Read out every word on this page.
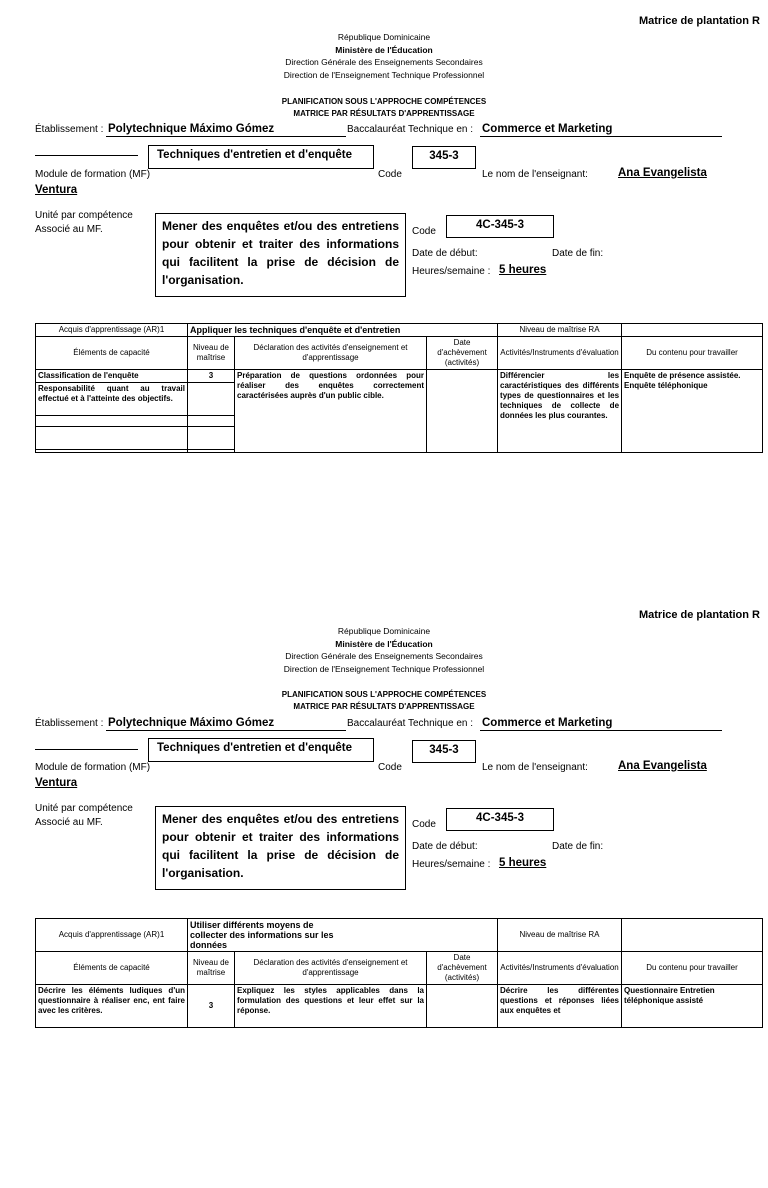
Matrice de plantation R
République Dominicaine
Ministère de l'Éducation
Direction Générale des Enseignements Secondaires
Direction de l'Enseignement Technique Professionnel
PLANIFICATION SOUS L'APPROCHE COMPÉTENCES
MATRICE PAR RÉSULTATS D'APPRENTISSAGE
Établissement : Polytechnique Máximo Gómez	Baccalauréat Technique en : Commerce et Marketing
Techniques d'entretien et d'enquête	345-3
Module de formation (MF)	Code	Le nom de l'enseignant:	Ana Evangelista
Ventura
Unité par compétence
Associé au MF.	Mener des enquêtes et/ou des entretiens pour obtenir et traiter des informations qui facilitent la prise de décision de l'organisation.
Code
4C-345-3
Date de début:	Date de fin:
Heures/semaine : 5 heures
Acquis d'apprentissage (AR)1	Appliquer les techniques d'enquête et d'entretien			Niveau de maîtrise RA	
Éléments de capacité	Niveau de maîtrise	Déclaration des activités d'enseignement et d'apprentissage	Date d'achèvement (activités)	Activités/Instruments d'évaluation	Du contenu pour travailler
Classification de l'enquête	3	Préparation de questions ordonnées pour réaliser des enquêtes correctement caractérisées auprès d'un public cible.		Différencier les caractéristiques des différents types de questionnaires et les techniques de collecte de données les plus courantes.	Enquête de présence assistée. Enquête téléphonique
Responsabilité quant au travail effectué et à l'atteinte des objectifs.					

Matrice de plantation R
République Dominicaine
Ministère de l'Éducation
Direction Générale des Enseignements Secondaires
Direction de l'Enseignement Technique Professionnel
PLANIFICATION SOUS L'APPROCHE COMPÉTENCES
MATRICE PAR RÉSULTATS D'APPRENTISSAGE
Établissement : Polytechnique Máximo Gómez	Baccalauréat Technique en : Commerce et Marketing
Techniques d'entretien et d'enquête	345-3
Module de formation (MF)	Code	Le nom de l'enseignant:	Ana Evangelista
Ventura
Unité par compétence
Associé au MF.	Mener des enquêtes et/ou des entretiens pour obtenir et traiter des informations qui facilitent la prise de décision de l'organisation.
Code
4C-345-3
Date de début:	Date de fin:
Heures/semaine : 5 heures
Acquis d'apprentissage (AR)1	Utiliser différents moyens de collecter des informations sur les données			Niveau de maîtrise RA	
Éléments de capacité	Niveau de maîtrise	Déclaration des activités d'enseignement et d'apprentissage	Date d'achèvement (activités)	Activités/Instruments d'évaluation	Du contenu pour travailler
Décrire les éléments ludiques d'un questionnaire à réaliser enc, ent faire avec les critères.	3	Expliquez les styles applicables dans la formulation des questions et leur effet sur la réponse.		Décrire les différentes questions et réponses liées aux enquêtes et	Questionnaire Entretien téléphonique assisté
